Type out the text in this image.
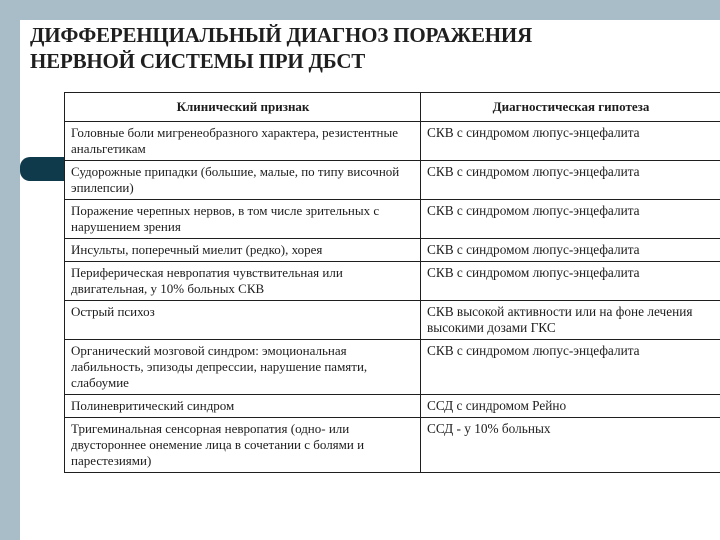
ДИФФЕРЕНЦИАЛЬНЫЙ ДИАГНОЗ ПОРАЖЕНИЯ
НЕРВНОЙ СИСТЕМЫ ПРИ ДБСТ
Клинический признак	Диагностическая гипотеза
Головные боли мигренеобразного характера, резистентные анальгетикам	СКВ с синдромом люпус-энцефалита
Судорожные припадки (большие, малые, по типу височной эпилепсии)	СКВ с синдромом люпус-энцефалита
Поражение черепных нервов, в том числе зрительных с нарушением зрения	СКВ с синдромом люпус-энцефалита
Инсульты, поперечный миелит (редко), хорея	СКВ с синдромом люпус-энцефалита
Периферическая невропатия чувствительная или двигательная, у 10% больных СКВ	СКВ с синдромом люпус-энцефалита
Острый психоз	СКВ высокой активности или на фоне лечения высокими дозами ГКС
Органический мозговой синдром: эмоциональная лабильность, эпизоды депрессии, нарушение памяти, слабоумие	СКВ с синдромом люпус-энцефалита
Полиневритический синдром	ССД с синдромом Рейно
Тригеминальная сенсорная невропатия (одно- или двустороннее онемение лица в сочетании с болями и парестезиями)	ССД - у 10% больных
